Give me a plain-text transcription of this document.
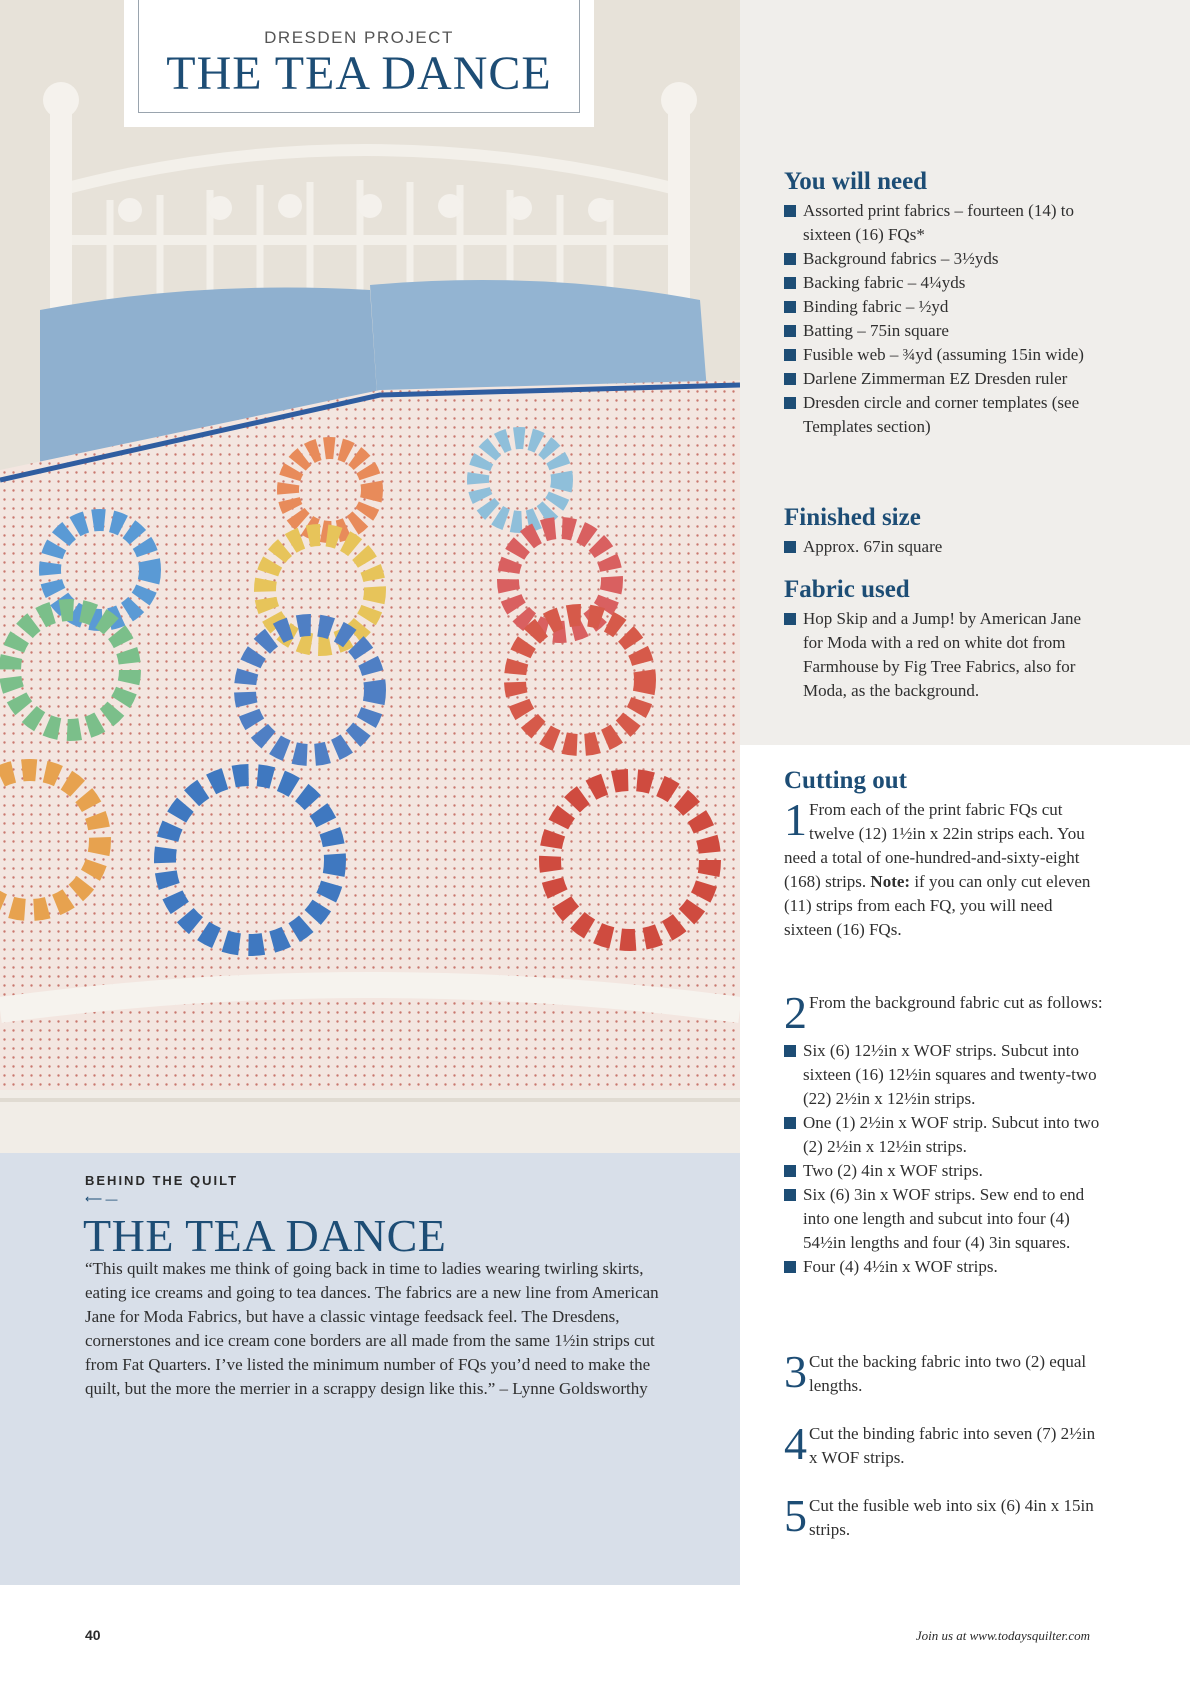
DRESDEN PROJECT
THE TEA DANCE
You will need
Assorted print fabrics – fourteen (14) to sixteen (16) FQs*
Background fabrics – 3½yds
Backing fabric – 4¼yds
Binding fabric – ½yd
Batting – 75in square
Fusible web – ¾yd (assuming 15in wide)
Darlene Zimmerman EZ Dresden ruler
Dresden circle and corner templates (see Templates section)
Finished size
Approx. 67in square
Fabric used
Hop Skip and a Jump! by American Jane for Moda with a red on white dot from Farmhouse by Fig Tree Fabrics, also for Moda, as the background.
Cutting out
1 From each of the print fabric FQs cut twelve (12) 1½in x 22in strips each. You need a total of one-hundred-and-sixty-eight (168) strips. Note: if you can only cut eleven (11) strips from each FQ, you will need sixteen (16) FQs.
2 From the background fabric cut as follows:
Six (6) 12½in x WOF strips. Subcut into sixteen (16) 12½in squares and twenty-two (22) 2½in x 12½in strips.
One (1) 2½in x WOF strip. Subcut into two (2) 2½in x 12½in strips.
Two (2) 4in x WOF strips.
Six (6) 3in x WOF strips. Sew end to end into one length and subcut into four (4) 54½in lengths and four (4) 3in squares.
Four (4) 4½in x WOF strips.
3 Cut the backing fabric into two (2) equal lengths.
4 Cut the binding fabric into seven (7) 2½in x WOF strips.
5 Cut the fusible web into six (6) 4in x 15in strips.
BEHIND THE QUILT
⟵ —
THE TEA DANCE
“This quilt makes me think of going back in time to ladies wearing twirling skirts, eating ice creams and going to tea dances. The fabrics are a new line from American Jane for Moda Fabrics, but have a classic vintage feedsack feel. The Dresdens, cornerstones and ice cream cone borders are all made from the same 1½in strips cut from Fat Quarters. I’ve listed the minimum number of FQs you’d need to make the quilt, but the more the merrier in a scrappy design like this.” – Lynne Goldsworthy
40	Join us at www.todaysquilter.com
